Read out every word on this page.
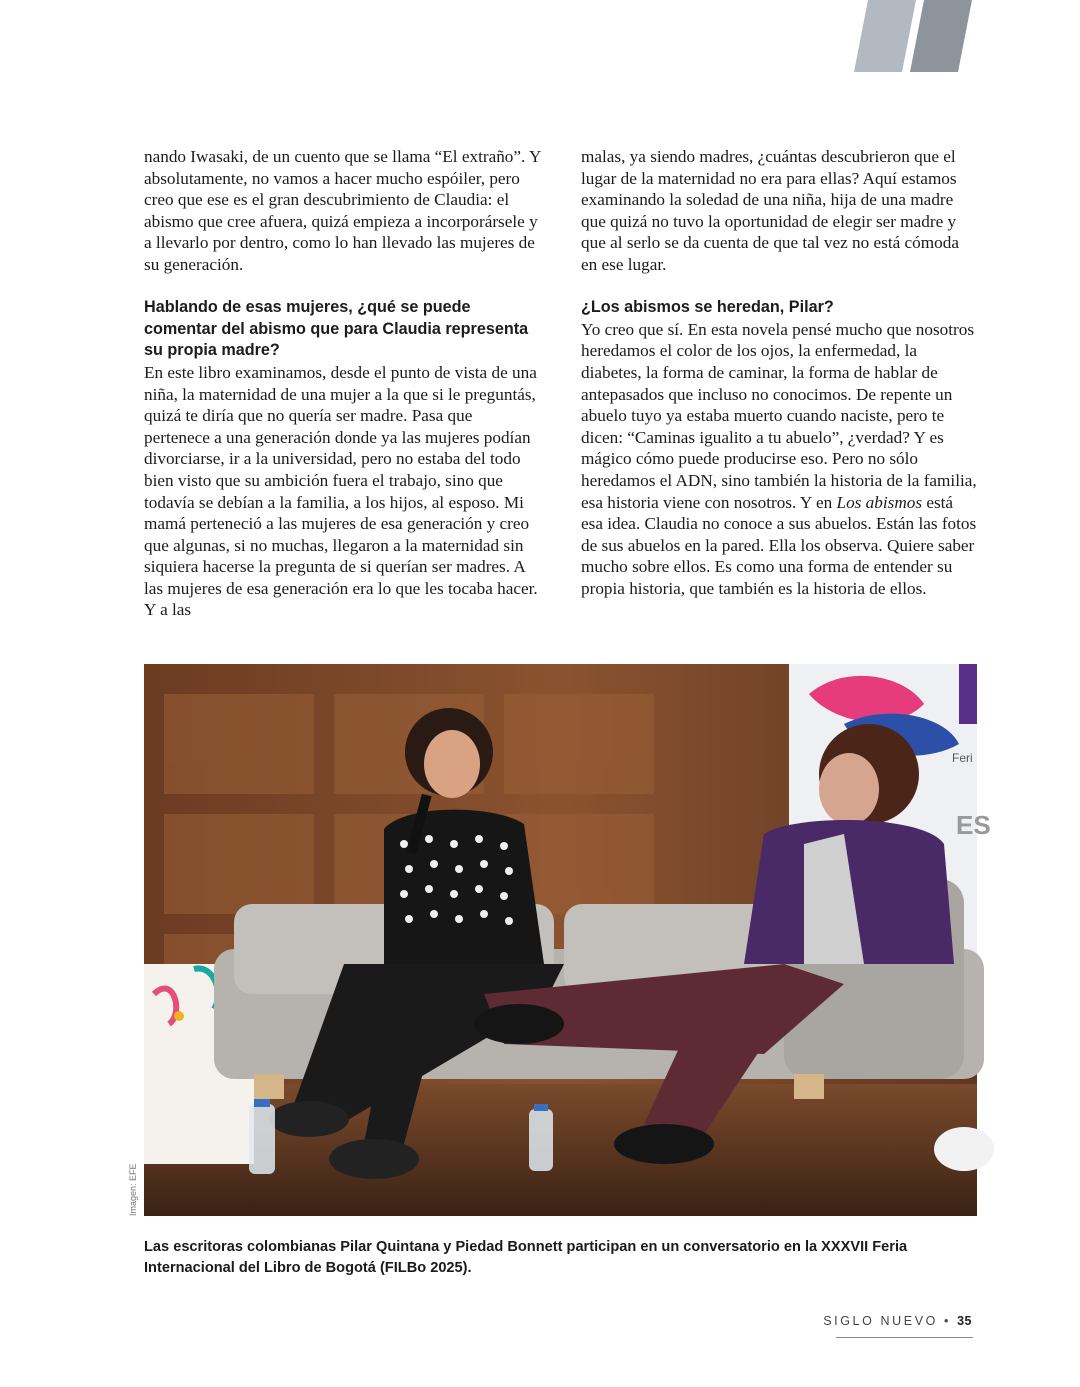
nando Iwasaki, de un cuento que se llama “El extraño”. Y absolutamente, no vamos a hacer mucho espóiler, pero creo que ese es el gran descubrimiento de Claudia: el abismo que cree afuera, quizá empieza a incorporársele y a llevarlo por dentro, como lo han llevado las mujeres de su generación.

Hablando de esas mujeres, ¿qué se puede comentar del abismo que para Claudia representa su propia madre?

En este libro examinamos, desde el punto de vista de una niña, la maternidad de una mujer a la que si le preguntás, quizá te diría que no quería ser madre. Pasa que pertenece a una generación donde ya las mujeres podían divorciarse, ir a la universidad, pero no estaba del todo bien visto que su ambición fuera el trabajo, sino que todavía se debían a la familia, a los hijos, al esposo. Mi mamá perteneció a las mujeres de esa generación y creo que algunas, si no muchas, llegaron a la maternidad sin siquiera hacerse la pregunta de si querían ser madres. A las mujeres de esa generación era lo que les tocaba hacer. Y a las

malas, ya siendo madres, ¿cuántas descubrieron que el lugar de la maternidad no era para ellas? Aquí estamos examinando la soledad de una niña, hija de una madre que quizá no tuvo la oportunidad de elegir ser madre y que al serlo se da cuenta de que tal vez no está cómoda en ese lugar.

¿Los abismos se heredan, Pilar?

Yo creo que sí. En esta novela pensé mucho que nosotros heredamos el color de los ojos, la enfermedad, la diabetes, la forma de caminar, la forma de hablar de antepasados que incluso no conocimos. De repente un abuelo tuyo ya estaba muerto cuando naciste, pero te dicen: “Caminas igualito a tu abuelo”, ¿verdad? Y es mágico cómo puede producirse eso. Pero no sólo heredamos el ADN, sino también la historia de la familia, esa historia viene con nosotros. Y en Los abismos está esa idea. Claudia no conoce a sus abuelos. Están las fotos de sus abuelos en la pared. Ella los observa. Quiere saber mucho sobre ellos. Es como una forma de entender su propia historia, que también es la historia de ellos.

Feri
ES
Imagen: EFE
Las escritoras colombianas Pilar Quintana y Piedad Bonnett participan en un conversatorio en la XXXVII Feria Internacional del Libro de Bogotá (FILBo 2025).
SIGLO NUEVO • 35
